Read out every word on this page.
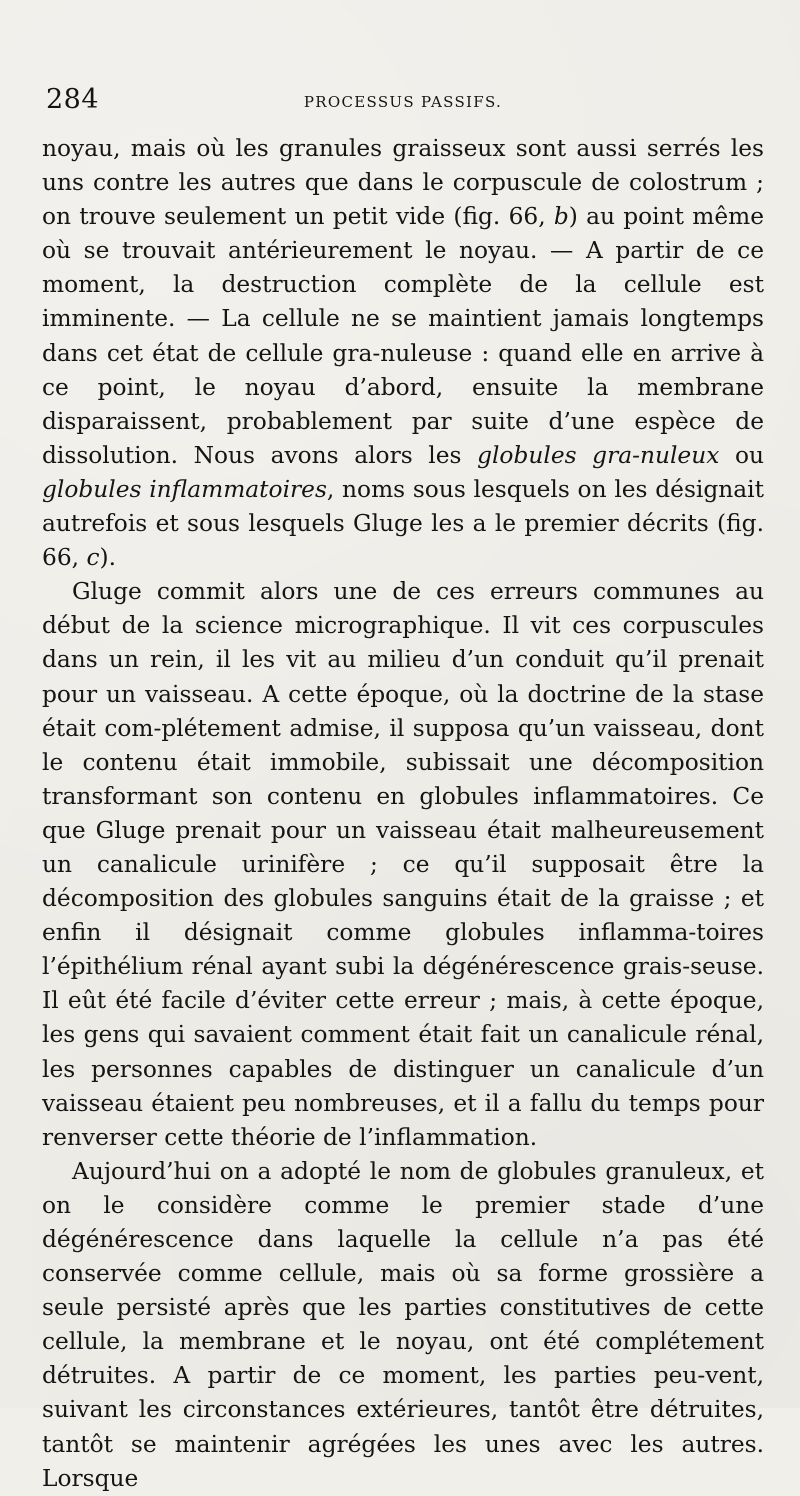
284	PROCESSUS PASSIFS.

noyau, mais où les granules graisseux sont aussi serrés les uns contre les autres que dans le corpuscule de colostrum ; on trouve seulement un petit vide (fig. 66, b) au point même où se trouvait antérieurement le noyau. — A partir de ce moment, la destruction complète de la cellule est imminente. — La cellule ne se maintient jamais longtemps dans cet état de cellule gra-nuleuse : quand elle en arrive à ce point, le noyau d’abord, ensuite la membrane disparaissent, probablement par suite d’une espèce de dissolution. Nous avons alors les globules gra-nuleux ou globules inflammatoires, noms sous lesquels on les désignait autrefois et sous lesquels Gluge les a le premier décrits (fig. 66, c).

Gluge commit alors une de ces erreurs communes au début de la science micrographique. Il vit ces corpuscules dans un rein, il les vit au milieu d’un conduit qu’il prenait pour un vaisseau. A cette époque, où la doctrine de la stase était com-plétement admise, il supposa qu’un vaisseau, dont le contenu était immobile, subissait une décomposition transformant son contenu en globules inflammatoires. Ce que Gluge prenait pour un vaisseau était malheureusement un canalicule urinifère ; ce qu’il supposait être la décomposition des globules sanguins était de la graisse ; et enfin il désignait comme globules inflamma-toires l’épithélium rénal ayant subi la dégénérescence grais-seuse. Il eût été facile d’éviter cette erreur ; mais, à cette époque, les gens qui savaient comment était fait un canalicule rénal, les personnes capables de distinguer un canalicule d’un vaisseau étaient peu nombreuses, et il a fallu du temps pour renverser cette théorie de l’inflammation.

Aujourd’hui on a adopté le nom de globules granuleux, et on le considère comme le premier stade d’une dégénérescence dans laquelle la cellule n’a pas été conservée comme cellule, mais où sa forme grossière a seule persisté après que les parties constitutives de cette cellule, la membrane et le noyau, ont été complétement détruites. A partir de ce moment, les parties peu-vent, suivant les circonstances extérieures, tantôt être détruites, tantôt se maintenir agrégées les unes avec les autres. Lorsque
